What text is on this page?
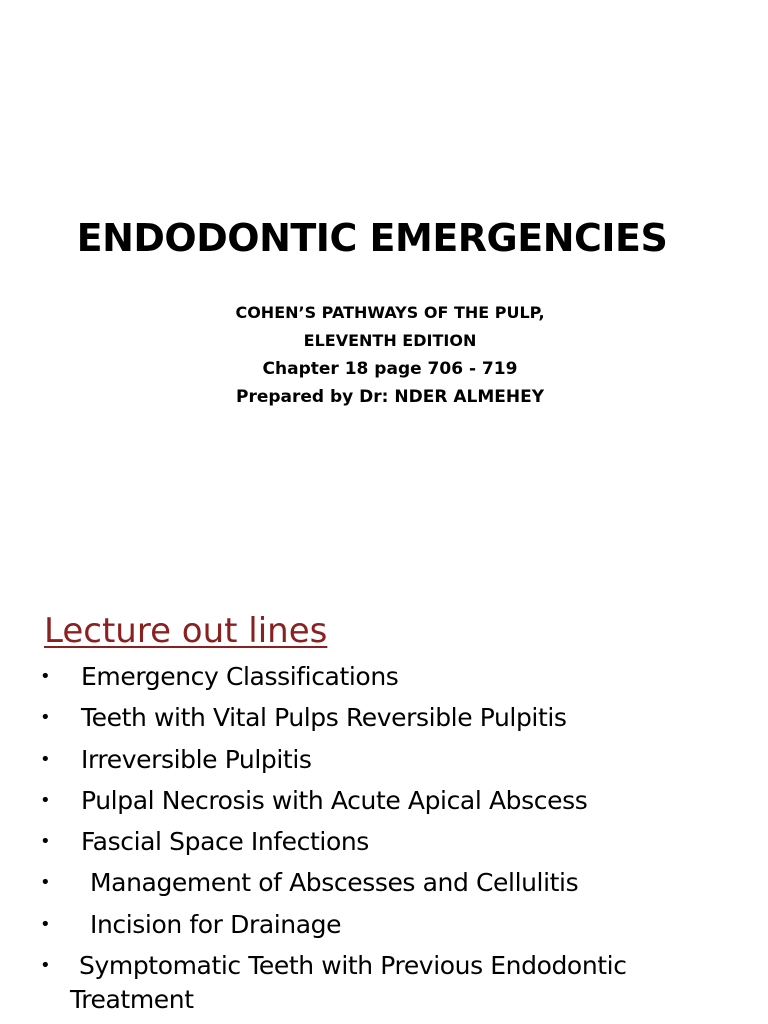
ENDODONTIC EMERGENCIES
COHEN’S PATHWAYS OF THE PULP,
ELEVENTH EDITION
Chapter 18 page 706 - 719
Prepared by Dr: NDER ALMEHEY
Lecture out lines
• Emergency Classifications
• Teeth with Vital Pulps Reversible Pulpitis
• Irreversible Pulpitis
• Pulpal Necrosis with Acute Apical Abscess
• Fascial Space Infections
• Management of Abscesses and Cellulitis
• Incision for Drainage
• Symptomatic Teeth with Previous Endodontic
Treatment
